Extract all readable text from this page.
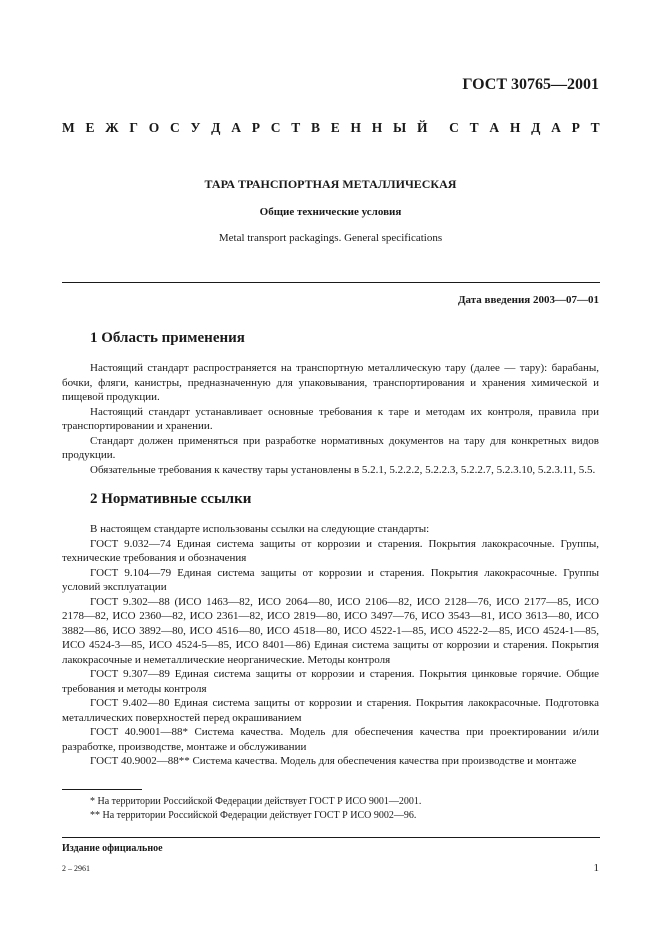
ГОСТ 30765—2001
М Е Ж Г О С У Д А Р С Т В Е Н Н Ы Й С Т А Н Д А Р Т
ТАРА ТРАНСПОРТНАЯ МЕТАЛЛИЧЕСКАЯ
Общие технические условия
Metal transport packagings. General specifications
Дата введения 2003—07—01
1 Область применения

Настоящий стандарт распространяется на транспортную металлическую тару (далее — тару): барабаны, бочки, фляги, канистры, предназначенную для упаковывания, транспортирования и хранения химической и пищевой продукции.

Настоящий стандарт устанавливает основные требования к таре и методам их контроля, правила при транспортировании и хранении.

Стандарт должен применяться при разработке нормативных документов на тару для конкретных видов продукции.

Обязательные требования к качеству тары установлены в 5.2.1, 5.2.2.2, 5.2.2.3, 5.2.2.7, 5.2.3.10, 5.2.3.11, 5.5.

2 Нормативные ссылки

В настоящем стандарте использованы ссылки на следующие стандарты:

ГОСТ 9.032—74 Единая система защиты от коррозии и старения. Покрытия лакокрасочные. Группы, технические требования и обозначения

ГОСТ 9.104—79 Единая система защиты от коррозии и старения. Покрытия лакокрасочные. Группы условий эксплуатации

ГОСТ 9.302—88 (ИСО 1463—82, ИСО 2064—80, ИСО 2106—82, ИСО 2128—76, ИСО 2177—85, ИСО 2178—82, ИСО 2360—82, ИСО 2361—82, ИСО 2819—80, ИСО 3497—76, ИСО 3543—81, ИСО 3613—80, ИСО 3882—86, ИСО 3892—80, ИСО 4516—80, ИСО 4518—80, ИСО 4522-1—85, ИСО 4522-2—85, ИСО 4524-1—85, ИСО 4524-3—85, ИСО 4524-5—85, ИСО 8401—86) Единая система защиты от коррозии и старения. Покрытия лакокрасочные и неметаллические неорганические. Методы контроля

ГОСТ 9.307—89 Единая система защиты от коррозии и старения. Покрытия цинковые горячие. Общие требования и методы контроля

ГОСТ 9.402—80 Единая система защиты от коррозии и старения. Покрытия лакокрасочные. Подготовка металлических поверхностей перед окрашиванием

ГОСТ 40.9001—88* Система качества. Модель для обеспечения качества при проектировании и/или разработке, производстве, монтаже и обслуживании

ГОСТ 40.9002—88** Система качества. Модель для обеспечения качества при производстве и монтаже

* На территории Российской Федерации действует ГОСТ Р ИСО 9001—2001.
** На территории Российской Федерации действует ГОСТ Р ИСО 9002—96.
Издание официальное
2 – 2961	1
